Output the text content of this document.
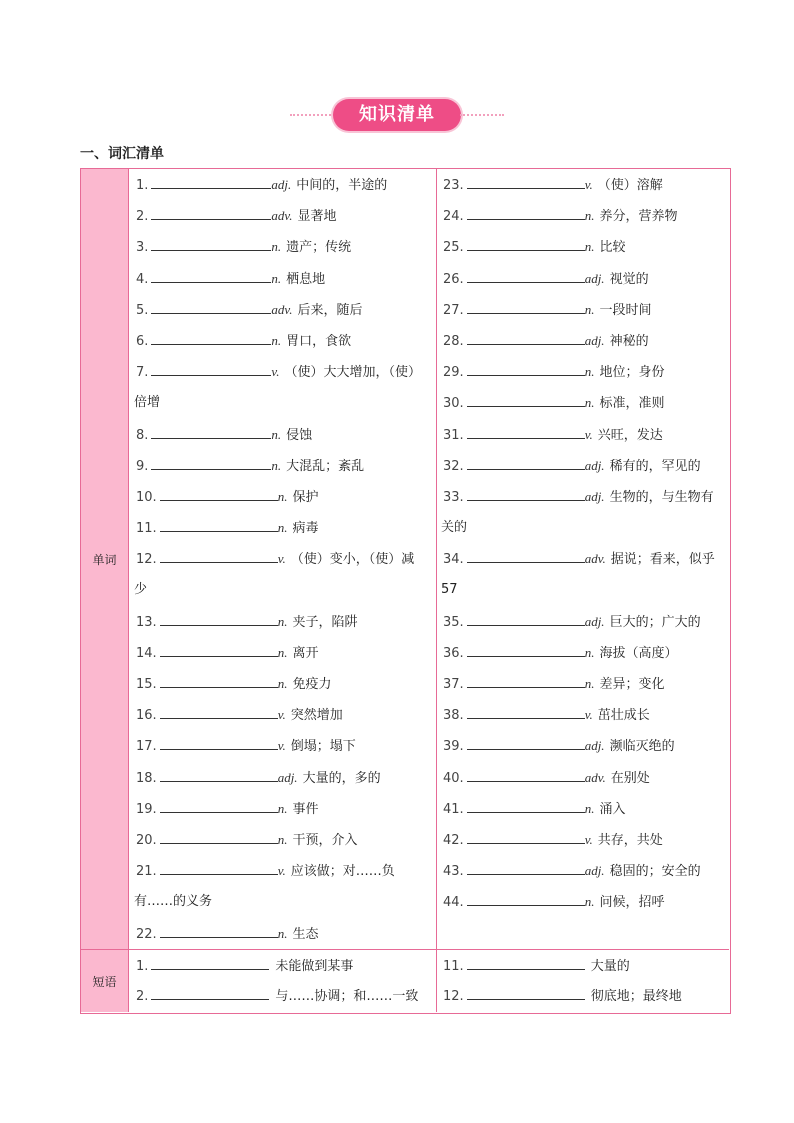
知识清单
一、词汇清单
单词
短语
1.	adj. 中间的，半途的
2.	adv. 显著地
3.	n. 遗产；传统
4.	n. 栖息地
5.	adv. 后来，随后
6.	n. 胃口，食欲
7.	v. （使）大大增加，（使）
倍增
8.	n. 侵蚀
9.	n. 大混乱；紊乱
10.	n. 保护
11.	n. 病毒
12.	v. （使）变小，（使）减
少
13.	n. 夹子，陷阱
14.	n. 离开
15.	n. 免疫力
16.	v. 突然增加
17.	v. 倒塌；塌下
18.	adj. 大量的，多的
19.	n. 事件
20.	n. 干预，介入
21.	v. 应该做；对……负
有……的义务
22.	n. 生态
23.	v. （使）溶解
24.	n. 养分，营养物
25.	n. 比较
26.	adj. 视觉的
27.	n. 一段时间
28.	adj. 神秘的
29.	n. 地位；身份
30.	n. 标准，准则
31.	v. 兴旺，发达
32.	adj. 稀有的，罕见的
33.	adj. 生物的，与生物有
关的
34.	adv. 据说；看来，似乎
57
35.	adj. 巨大的；广大的
36.	n. 海拔（高度）
37.	n. 差异；变化
38.	v. 茁壮成长
39.	adj. 濒临灭绝的
40.	adv. 在别处
41.	n. 涌入
42.	v. 共存，共处
43.	adj. 稳固的；安全的
44.	n. 问候，招呼
1.	未能做到某事
2.	与……协调；和……一致
11.	大量的
12.	彻底地；最终地
